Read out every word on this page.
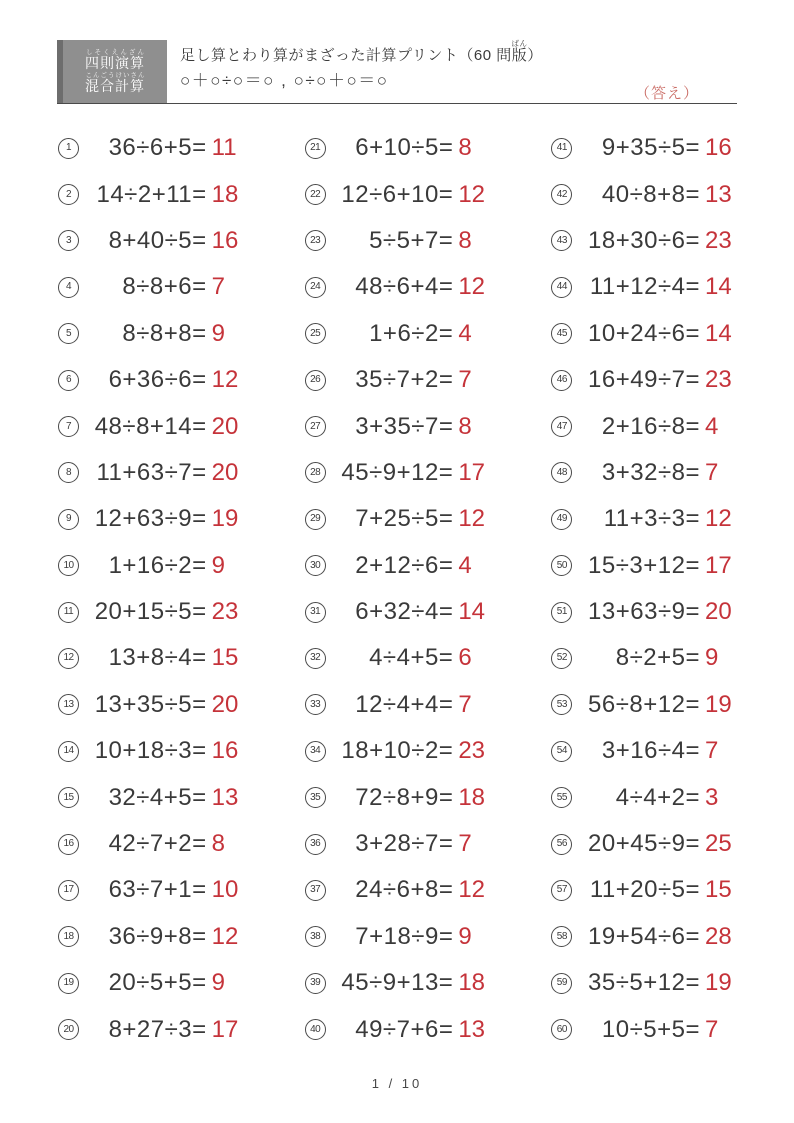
四則演算しそくえんざん
混合計算こんごうけいさん
足し算とわり算がまざった計算プリント（60 問版ばん）
○＋○÷○＝○ , ○÷○＋○＝○
（答え）
1	36÷6+5= 11
2	14÷2+11= 18
3	8+40÷5= 16
4	8÷8+6= 7
5	8÷8+8= 9
6	6+36÷6= 12
7 48÷8+14= 20
8	11+63÷7= 20
9 12+63÷9= 19
10	1+16÷2= 9
11 20+15÷5= 23
12	13+8÷4= 15
13 13+35÷5= 20
14 10+18÷3= 16
15	32÷4+5= 13
16	42÷7+2= 8
17	63÷7+1= 10
18	36÷9+8= 12
19	20÷5+5= 9
20	8+27÷3= 17
21	6+10÷5= 8
22 12÷6+10= 12
23	5÷5+7= 8
24	48÷6+4= 12
25	1+6÷2= 4
26	35÷7+2= 7
27	3+35÷7= 8
28 45÷9+12= 17
29	7+25÷5= 12
30	2+12÷6= 4
31	6+32÷4= 14
32	4÷4+5= 6
33	12÷4+4= 7
34 18+10÷2= 23
35	72÷8+9= 18
36	3+28÷7= 7
37	24÷6+8= 12
38	7+18÷9= 9
39 45÷9+13= 18
40	49÷7+6= 13
41	9+35÷5= 16
42	40÷8+8= 13
43 18+30÷6= 23
44 11+12÷4= 14
45 10+24÷6= 14
46 16+49÷7= 23
47	2+16÷8= 4
48	3+32÷8= 7
49	11+3÷3= 12
50 15÷3+12= 17
51 13+63÷9= 20
52	8÷2+5= 9
53 56÷8+12= 19
54	3+16÷4= 7
55	4÷4+2= 3
56 20+45÷9= 25
57 11+20÷5= 15
58 19+54÷6= 28
59 35÷5+12= 19
60	10÷5+5= 7
1 / 10
